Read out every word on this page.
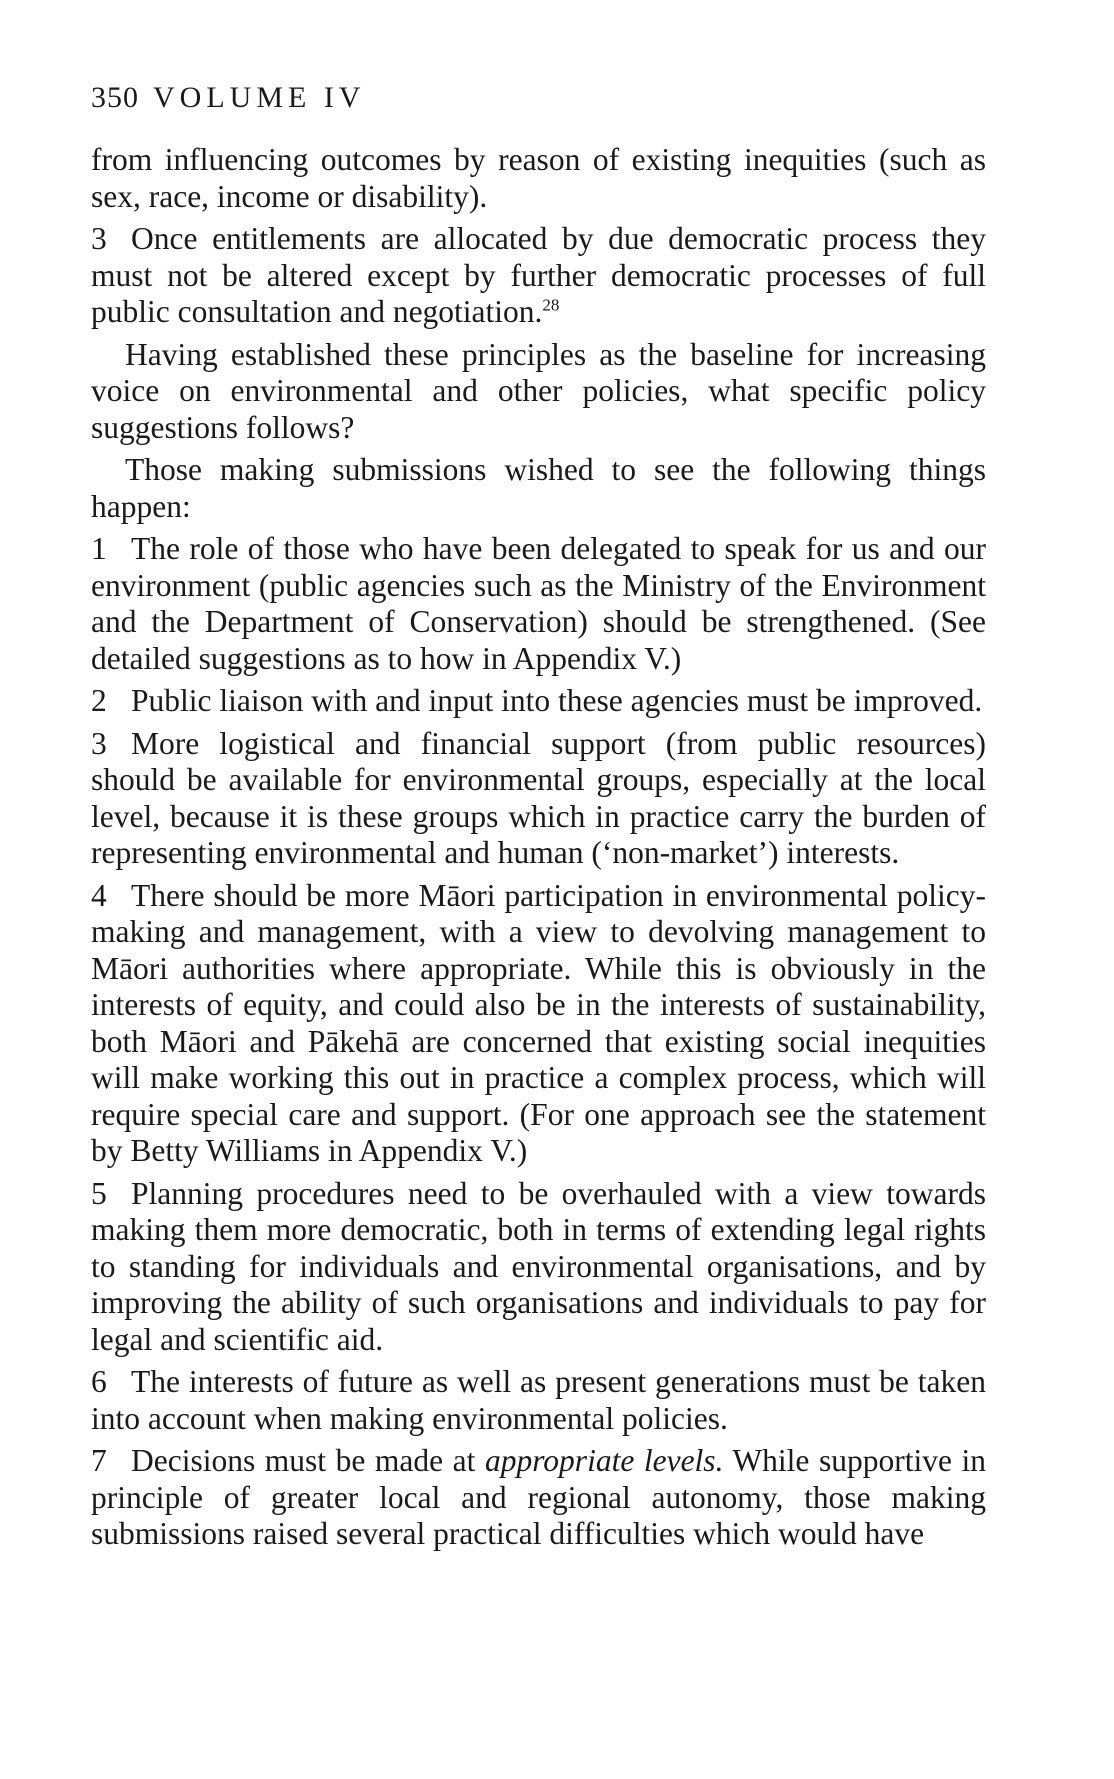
350 VOLUME IV

from influencing outcomes by reason of existing inequities (such as sex, race, income or disability).

3 Once entitlements are allocated by due democratic process they must not be altered except by further democratic processes of full public consultation and negotiation.$^{28}$

Having established these principles as the baseline for increasing voice on environmental and other policies, what specific policy suggestions follows?

Those making submissions wished to see the following things happen:

1 The role of those who have been delegated to speak for us and our environment (public agencies such as the Ministry of the Environment and the Department of Conservation) should be strengthened. (See detailed suggestions as to how in Appendix V.)

2 Public liaison with and input into these agencies must be improved.

3 More logistical and financial support (from public resources) should be available for environmental groups, especially at the local level, because it is these groups which in practice carry the burden of representing environmental and human (‘non-market’) interests.

4 There should be more Māori participation in environmental policy-making and management, with a view to devolving management to Māori authorities where appropriate. While this is obviously in the interests of equity, and could also be in the interests of sustainability, both Māori and Pākehā are concerned that existing social inequities will make working this out in practice a complex process, which will require special care and support. (For one approach see the statement by Betty Williams in Appendix V.)

5 Planning procedures need to be overhauled with a view towards making them more democratic, both in terms of extending legal rights to standing for individuals and environmental organisations, and by improving the ability of such organisations and individuals to pay for legal and scientific aid.

6 The interests of future as well as present generations must be taken into account when making environmental policies.

7 Decisions must be made at appropriate levels. While supportive in principle of greater local and regional autonomy, those making submissions raised several practical difficulties which would have
